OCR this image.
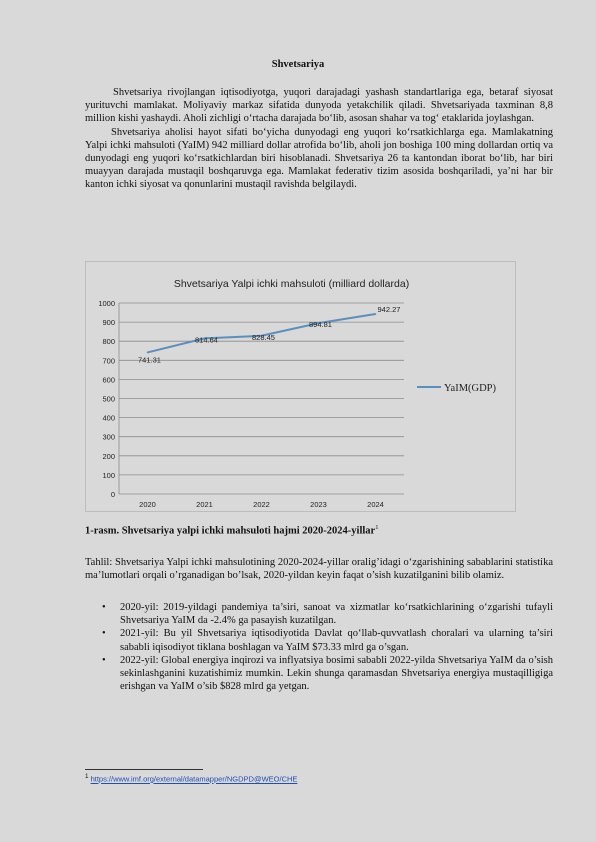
Shvetsariya

Shvetsariya rivojlangan iqtisodiyotga, yuqori darajadagi yashash standartlariga ega, betaraf siyosat yurituvchi mamlakat. Moliyaviy markaz sifatida dunyoda yetakchilik qiladi. Shvetsariyada taxminan 8,8 million kishi yashaydi. Aholi zichligi o‘rtacha darajada bo‘lib, asosan shahar va tog‘ etaklarida joylashgan.

Shvetsariya aholisi hayot sifati bo‘yicha dunyodagi eng yuqori ko‘rsatkichlarga ega. Mamlakatning Yalpi ichki mahsuloti (YaIM) 942 milliard dollar atrofida bo‘lib, aholi jon boshiga 100 ming dollardan ortiq va dunyodagi eng yuqori ko‘rsatkichlardan biri hisoblanadi. Shvetsariya 26 ta kantondan iborat bo‘lib, har biri muayyan darajada mustaqil boshqaruvga ega. Mamlakat federativ tizim asosida boshqariladi, ya’ni har bir kanton ichki siyosat va qonunlarini mustaqil ravishda belgilaydi.

Shvetsariya Yalpi ichki mahsuloti (milliard dollarda)
0
100
200
300
400
500
600
700
800
900
1000
2020	2021	2022	2023	2024
741.31
814.64	828.45
894.81
942.27
YaIM(GDP)
1-rasm. Shvetsariya yalpi ichki mahsuloti hajmi 2020-2024-yillar$^1$

Tahlil: Shvetsariya Yalpi ichki mahsulotining 2020-2024-yillar oralig’idagi o‘zgarishining sabablarini statistika ma’lumotlari orqali o’rganadigan bo’lsak, 2020-yildan keyin faqat o’sish kuzatilganini bilib olamiz.

• 2020-yil: 2019-yildagi pandemiya ta’siri, sanoat va xizmatlar ko‘rsatkichlarining o‘zgarishi tufayli Shvetsariya YaIM da -2.4% ga pasayish kuzatilgan.
• 2021-yil: Bu yil Shvetsariya iqtisodiyotida Davlat qo‘llab-quvvatlash choralari va ularning ta’siri sababli iqisodiyot tiklana boshlagan va YaIM $73.33 mlrd ga o’sgan.
• 2022-yil: Global energiya inqirozi va inflyatsiya bosimi sababli 2022-yilda Shvetsariya YaIM da o’sish sekinlashganini kuzatishimiz mumkin. Lekin shunga qaramasdan Shvetsariya energiya mustaqilligiga erishgan va YaIM o’sib $828 mlrd ga yetgan.
$^1$ https://www.imf.org/external/datamapper/NGDPD@WEO/CHE
